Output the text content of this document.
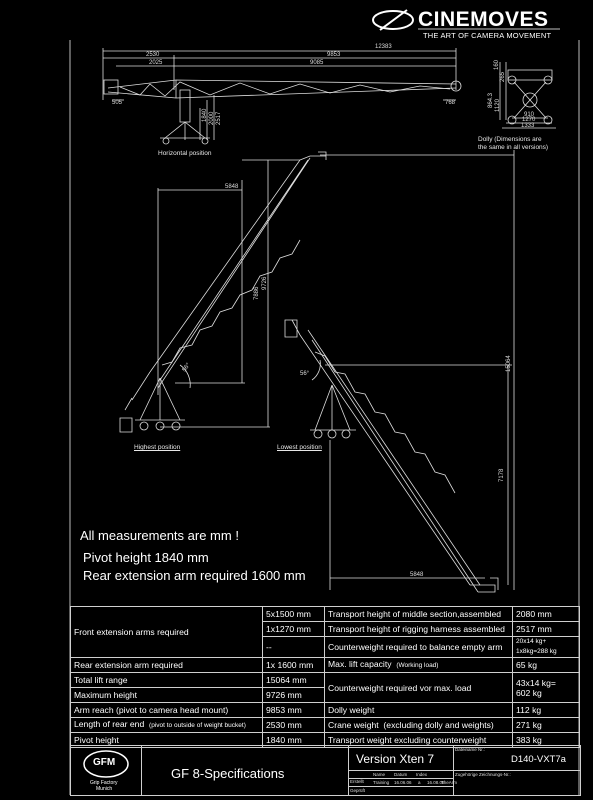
12383
2530	9853
2025	9085
505	768
1840 2000 2517
160
265
864.3 1120
910
1270
1333
5848
7886
9726
56°	15064
7178
5848
56°
CINEMOVES
THE ART OF CAMERA MOVEMENT
Horizontal position
Dolly (Dimensions are
the same in all versions)
Highest position	Lowest position
All measurements are mm !
Pivot height 1840 mm
Rear extension arm required 1600 mm
Front extension arms required	5x1500 mm	Transport height of middle section,assembled	2080 mm
	1x1270 mm	Transport height of rigging harness assembled	2517 mm
	--	Counterweight required to balance empty arm	20x14 kg+
1x8kg=288 kg
Rear extension arm required	1x 1600 mm	Max. lift capacity (Working load)	65 kg
Total lift range	15064 mm	Counterweight required vor max. load	43x14 kg=
602 kg
Maximum height	9726 mm		
Arm reach (pivot to camera head mount)	9853 mm	Dolly weight	112 kg
Length of rear end (pivot to outside of weight bucket)	2530 mm	Crane weight (excluding dolly and weights)	271 kg
Pivot height	1840 mm	Transport weight excluding counterweight	383 kg
GFM
Grip Factory
Munich
GF 8-Specifications
Version Xten 7
Dateiname Nr.:
D140-VXT7a
Zugehörige Zeichnungs-Nr.:
Erstellt
Geprüft
Name Datum Index
Training 16.06.06 a 16.08.06
TheArm
